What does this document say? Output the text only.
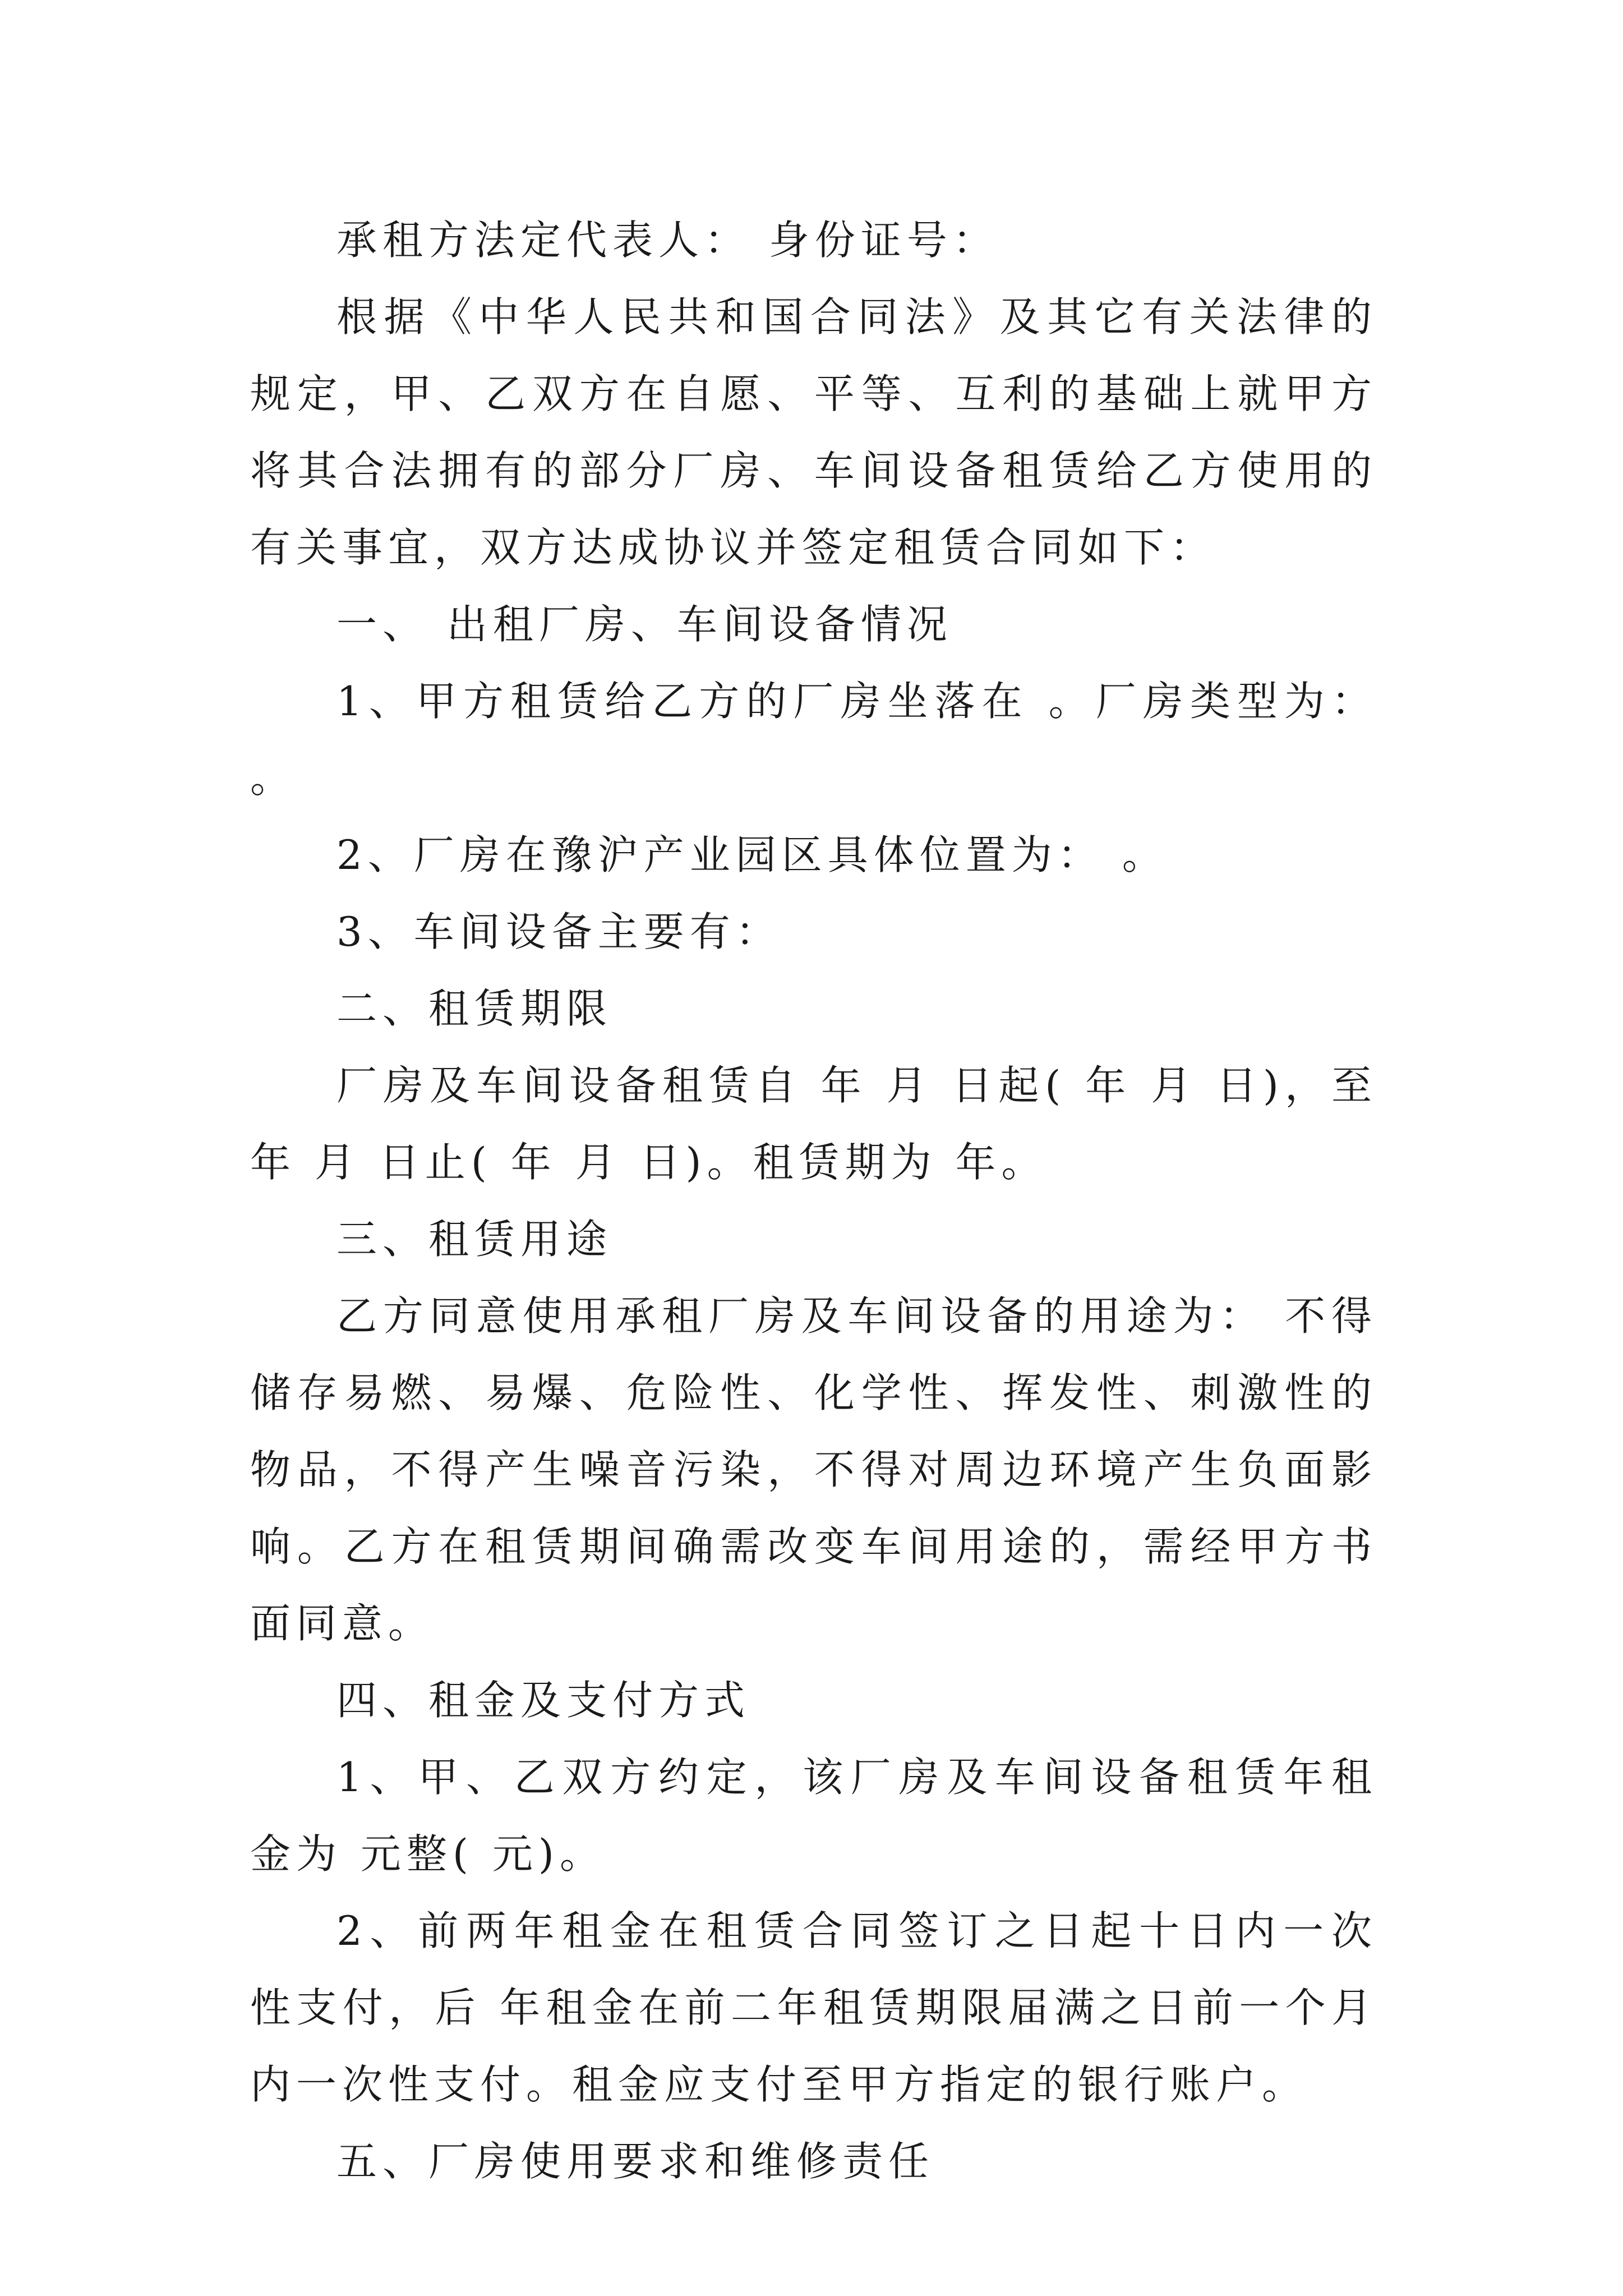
承租方法定代表人： 身份证号：

根据《中华人民共和国合同法》及其它有关法律的规定，甲、乙双方在自愿、平等、互利的基础上就甲方将其合法拥有的部分厂房、车间设备租赁给乙方使用的有关事宜，双方达成协议并签定租赁合同如下：

一、 出租厂房、车间设备情况

1、甲方租赁给乙方的厂房坐落在 。厂房类型为： 。

2、厂房在豫沪产业园区具体位置为： 。

3、车间设备主要有：

二、租赁期限

厂房及车间设备租赁自 年 月 日起( 年 月 日)，至 年 月 日止( 年 月 日)。租赁期为 年。

三、租赁用途

乙方同意使用承租厂房及车间设备的用途为： 不得储存易燃、易爆、危险性、化学性、挥发性、刺激性的物品，不得产生噪音污染，不得对周边环境产生负面影响。乙方在租赁期间确需改变车间用途的，需经甲方书面同意。

四、租金及支付方式

1、甲、乙双方约定，该厂房及车间设备租赁年租金为 元整( 元)。

2、前两年租金在租赁合同签订之日起十日内一次性支付，后 年租金在前二年租赁期限届满之日前一个月内一次性支付。租金应支付至甲方指定的银行账户。

五、厂房使用要求和维修责任
